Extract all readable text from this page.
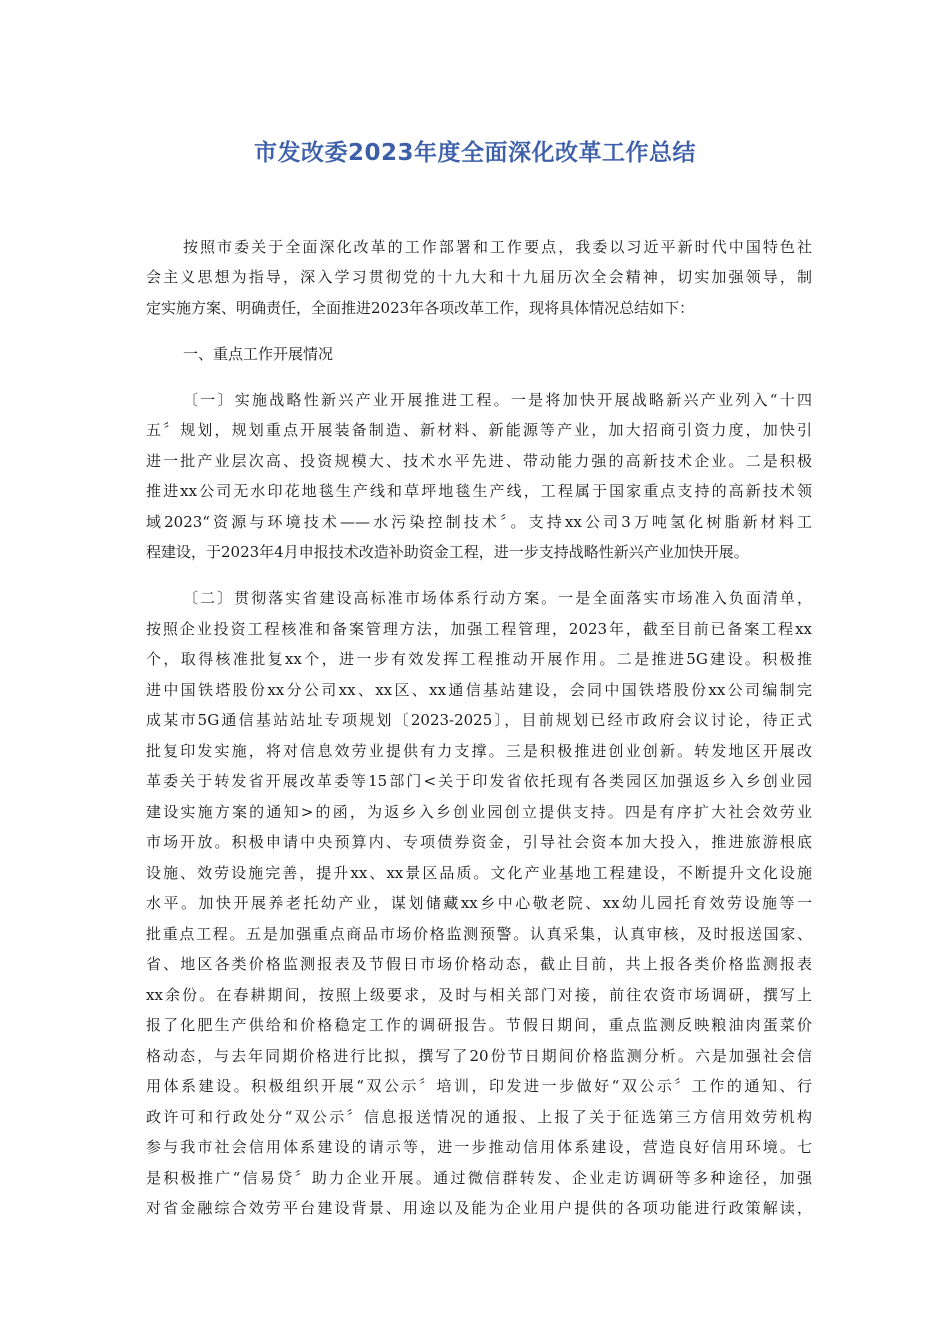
市发改委2023年度全面深化改革工作总结

按照市委关于全面深化改革的工作部署和工作要点，我委以习近平新时代中国特色社

会主义思想为指导，深入学习贯彻党的十九大和十九届历次全会精神，切实加强领导，制

定实施方案、明确责任，全面推进2023年各项改革工作，现将具体情况总结如下：

一、重点工作开展情况

〔一〕实施战略性新兴产业开展推进工程。一是将加快开展战略新兴产业列入“十四

五〞规划，规划重点开展装备制造、新材料、新能源等产业，加大招商引资力度，加快引

进一批产业层次高、投资规模大、技术水平先进、带动能力强的高新技术企业。二是积极

推进xx公司无水印花地毯生产线和草坪地毯生产线，工程属于国家重点支持的高新技术领

域2023“资源与环境技术——水污染控制技术〞。支持xx公司3万吨氢化树脂新材料工

程建设，于2023年4月申报技术改造补助资金工程，进一步支持战略性新兴产业加快开展。

〔二〕贯彻落实省建设高标准市场体系行动方案。一是全面落实市场准入负面清单，

按照企业投资工程核准和备案管理方法，加强工程管理，2023年，截至目前已备案工程xx

个，取得核准批复xx个，进一步有效发挥工程推动开展作用。二是推进5G建设。积极推

进中国铁塔股份xx分公司xx、xx区、xx通信基站建设，会同中国铁塔股份xx公司编制完

成某市5G通信基站站址专项规划〔2023-2025〕，目前规划已经市政府会议讨论，待正式

批复印发实施，将对信息效劳业提供有力支撑。三是积极推进创业创新。转发地区开展改

革委关于转发省开展改革委等15部门<关于印发省依托现有各类园区加强返乡入乡创业园

建设实施方案的通知>的函，为返乡入乡创业园创立提供支持。四是有序扩大社会效劳业

市场开放。积极申请中央预算内、专项债券资金，引导社会资本加大投入，推进旅游根底

设施、效劳设施完善，提升xx、xx景区品质。文化产业基地工程建设，不断提升文化设施

水平。加快开展养老托幼产业，谋划储藏xx乡中心敬老院、xx幼儿园托育效劳设施等一

批重点工程。五是加强重点商品市场价格监测预警。认真采集，认真审核，及时报送国家、

省、地区各类价格监测报表及节假日市场价格动态，截止目前，共上报各类价格监测报表

xx余份。在春耕期间，按照上级要求，及时与相关部门对接，前往农资市场调研，撰写上

报了化肥生产供给和价格稳定工作的调研报告。节假日期间，重点监测反映粮油肉蛋菜价

格动态，与去年同期价格进行比拟，撰写了20份节日期间价格监测分析。六是加强社会信

用体系建设。积极组织开展“双公示〞培训，印发进一步做好“双公示〞工作的通知、行

政许可和行政处分“双公示〞信息报送情况的通报、上报了关于征选第三方信用效劳机构

参与我市社会信用体系建设的请示等，进一步推动信用体系建设，营造良好信用环境。七

是积极推广“信易贷〞助力企业开展。通过微信群转发、企业走访调研等多种途径，加强

对省金融综合效劳平台建设背景、用途以及能为企业用户提供的各项功能进行政策解读，
